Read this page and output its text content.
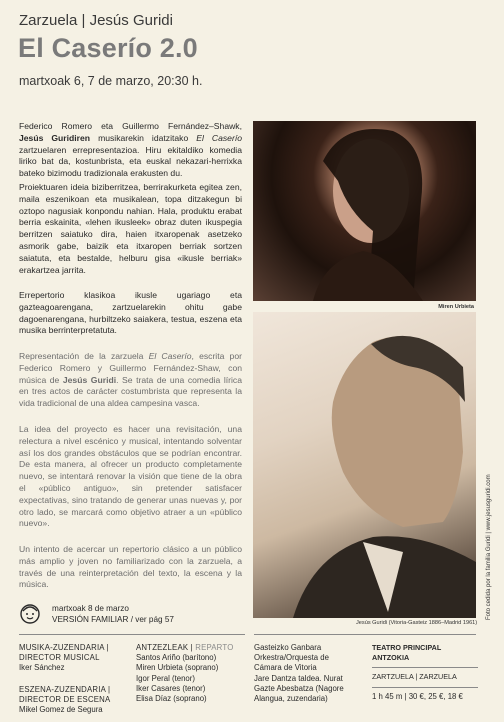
Zarzuela | Jesús Guridi
El Caserío 2.0
martxoak 6, 7 de marzo, 20:30 h.

Federico Romero eta Guillermo Fernández–Shawk, Jesús Guridiren musikarekin idatzitako El Caserío zartzuelaren errepresentazioa. Hiru ekitaldiko komedia liriko bat da, kostunbrista, eta euskal nekazari-herrixka bateko bizimodu tradizionala erakusten du.

Proiektuaren ideia biziberritzea, berrirakurketa egitea zen, maila eszenikoan eta musikalean, topa ditzakegun bi oztopo nagusiak konpondu nahian. Hala, produktu erabat berria eskainita, «lehen ikusleek» obraz duten ikuspegia berritzen saiatuko dira, haien itxaropenak asetzeko asmorik gabe, baizik eta itxaropen berriak sortzen saiatuta, eta bestalde, helburu gisa «ikusle berriak» erakartzea jarrita.

Errepertorio klasikoa ikusle ugariago eta gazteagoarengana, zartzuelarekin ohitu gabe dagoenarengana, hurbiltzeko saiakera, testua, eszena eta musika berrinterpretatuta.

Representación de la zarzuela El Caserío, escrita por Federico Romero y Guillermo Fernández-Shaw, con música de Jesús Guridi. Se trata de una comedia lírica en tres actos de carácter costumbrista que representa la vida tradicional de una aldea campesina vasca.

La idea del proyecto es hacer una revisitación, una relectura a nivel escénico y musical, intentando solventar así los dos grandes obstáculos que se podrían encontrar. De esta manera, al ofrecer un producto completamente nuevo, se intentará renovar la visión que tiene de la obra el «público antiguo», sin pretender satisfacer expectativas, sino tratando de generar unas nuevas y, por otro lado, se marcará como objetivo atraer a un «público nuevo».

Un intento de acercar un repertorio clásico a un público más amplio y joven no familiarizado con la zarzuela, a través de una reinterpretación del texto, la escena y la música.

Miren Urbieta
Jesús Guridi (Vitoria-Gasteiz 1886–Madrid 1961)
Foto cedida por la familia Guridi | www.jesusguridi.com
martxoak 8 de marzo
VERSIÓN FAMILIAR / ver pág 57
MUSIKA-ZUZENDARIA | DIRECTOR MUSICAL
Iker Sánchez
ESZENA-ZUZENDARIA | DIRECTOR DE ESCENA
Mikel Gomez de Segura
ANTZEZLEAK | REPARTO
Santos Ariño (barítono)
Miren Urbieta (soprano)
Igor Peral (tenor)
Iker Casares (tenor)
Elisa Díaz (soprano)
Gasteizko Ganbara
Orkestra/Orquesta de
Cámara de Vitoria
Jare Dantza taldea. Nurat
Gazte Abesbatza (Nagore
Alangua, zuzendaria)
TEATRO PRINCIPAL ANTZOKIA
ZARTZUELA | ZARZUELA
1 h 45 m | 30 €, 25 €, 18 €
